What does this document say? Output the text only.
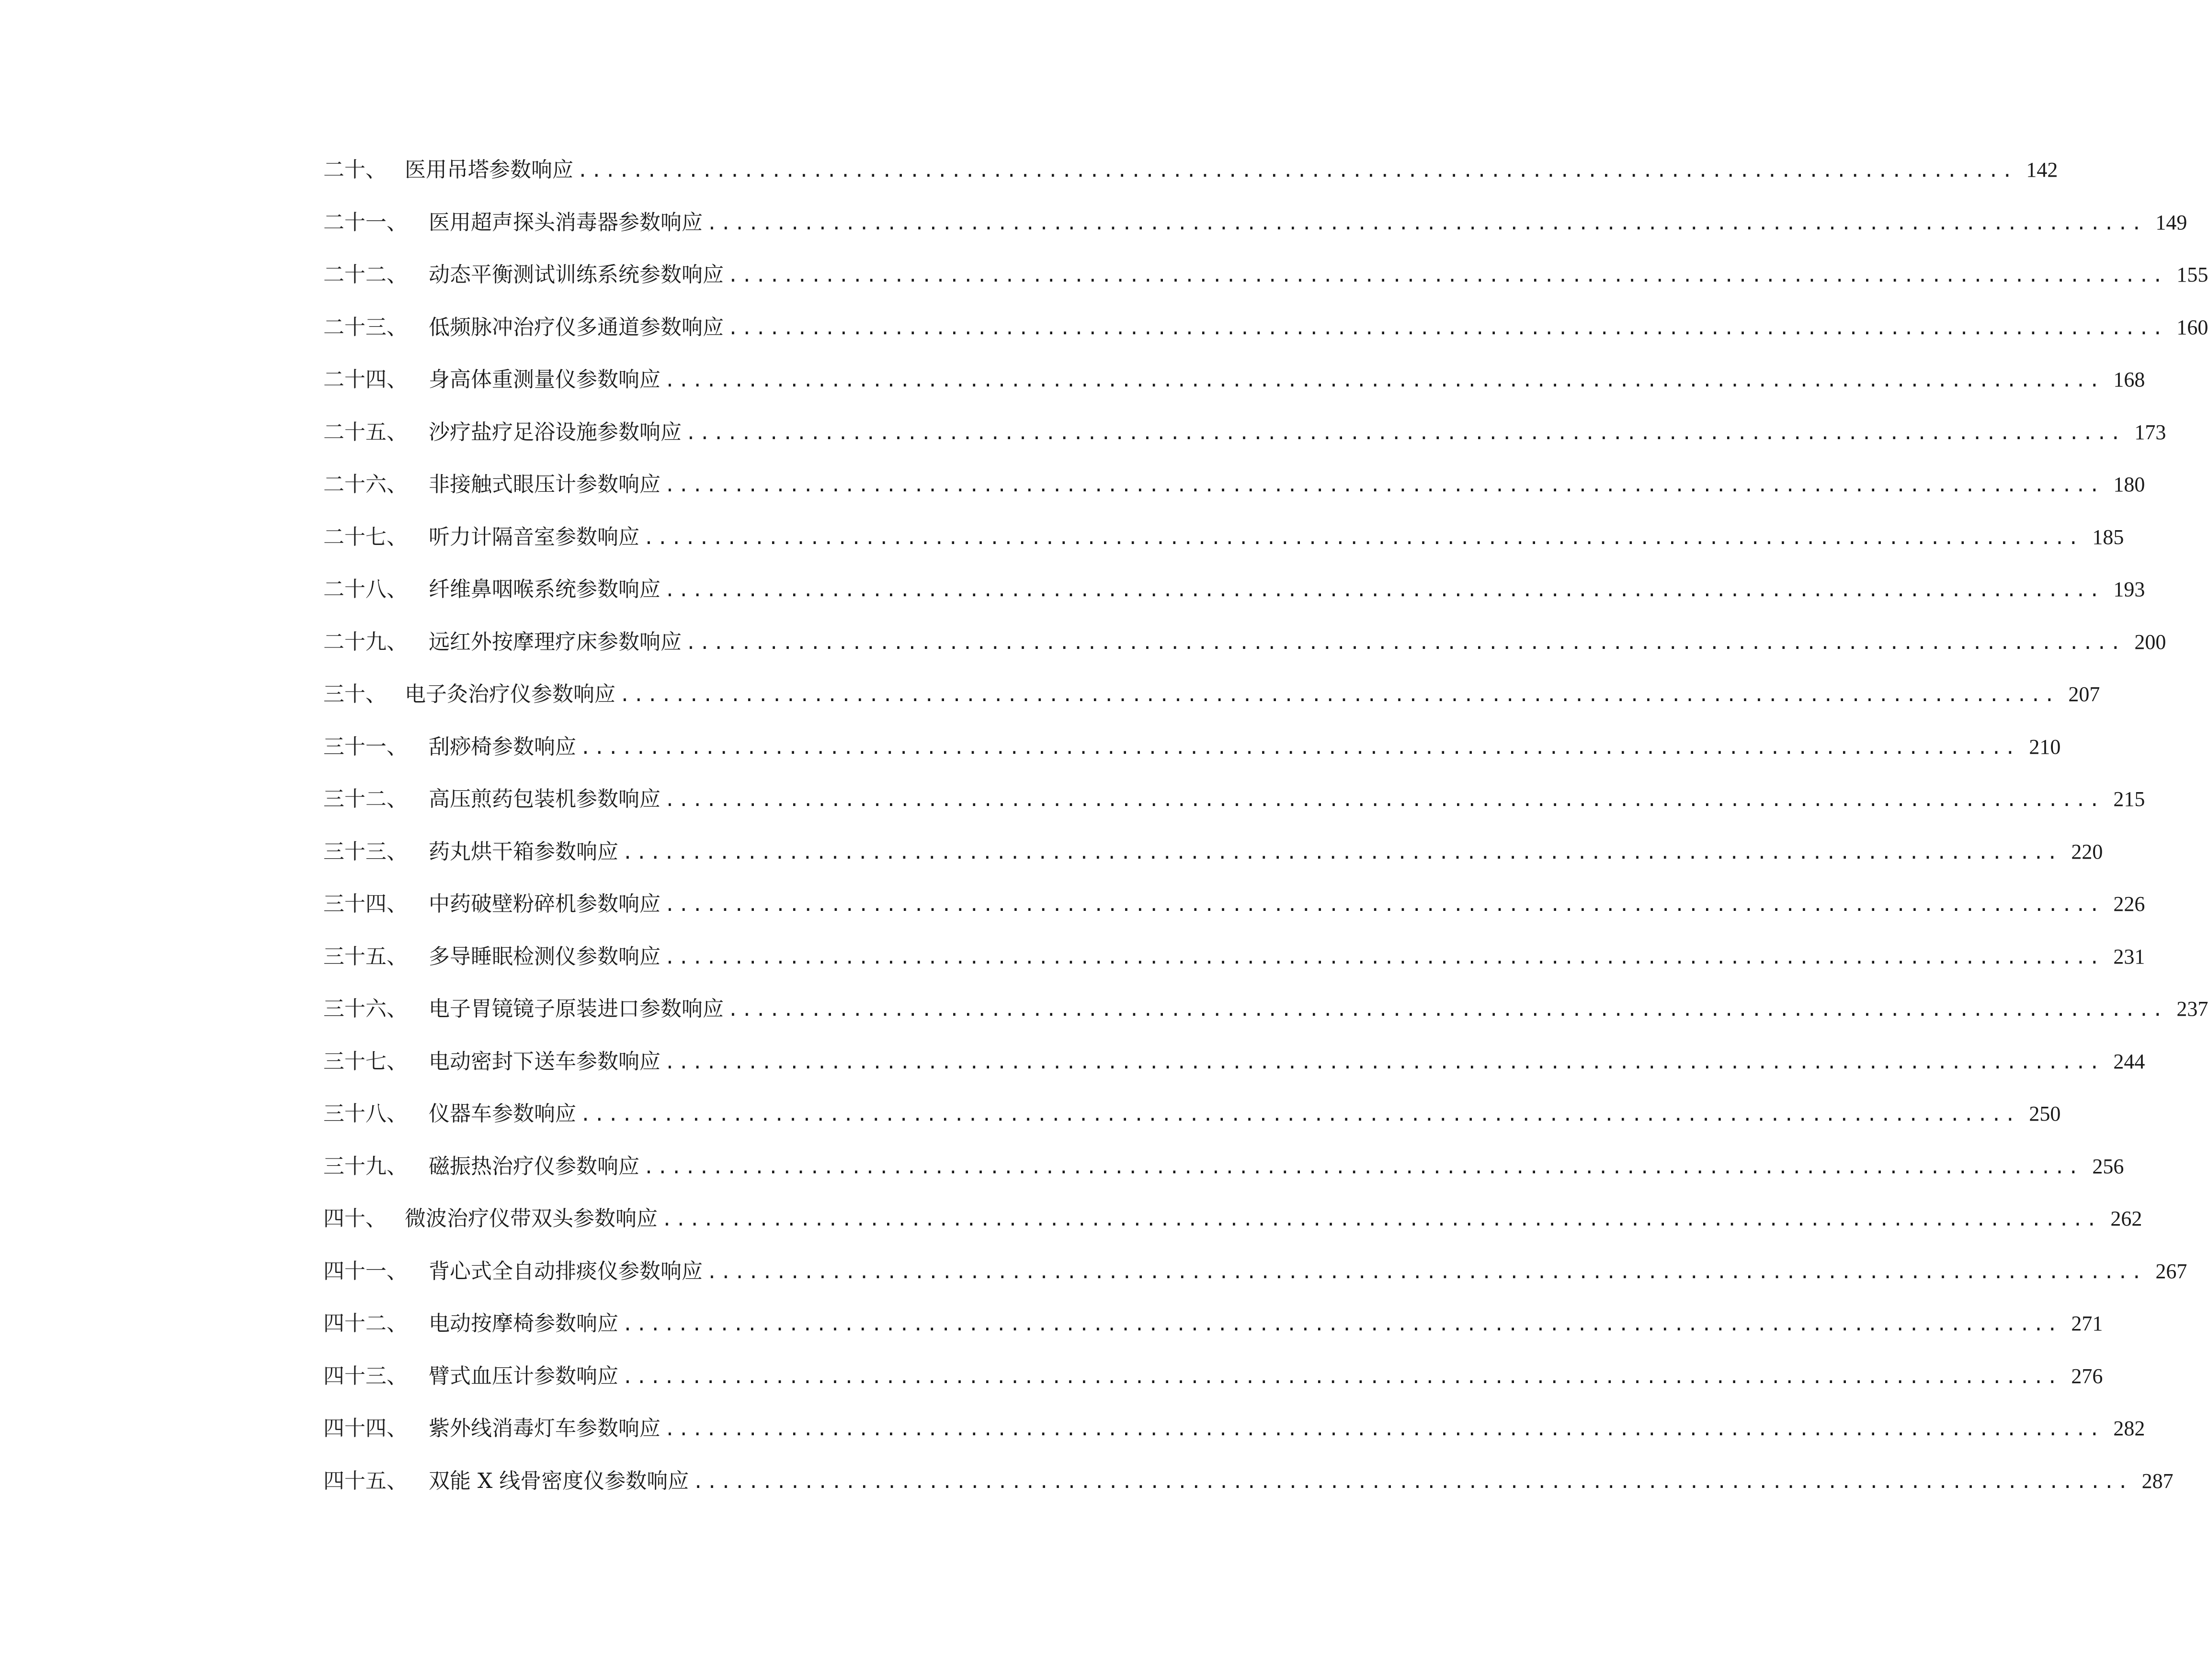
二十、 医用吊塔参数响应 ........................................................................................................ 142
二十一、	医用超声探头消毒器参数响应 ........................................................................................................ 149
二十二、	动态平衡测试训练系统参数响应 ........................................................................................................ 155
二十三、	低频脉冲治疗仪多通道参数响应 ........................................................................................................ 160
二十四、	身高体重测量仪参数响应 ........................................................................................................ 168
二十五、	沙疗盐疗足浴设施参数响应 ........................................................................................................ 173
二十六、	非接触式眼压计参数响应 ........................................................................................................ 180
二十七、	听力计隔音室参数响应 ........................................................................................................ 185
二十八、	纤维鼻咽喉系统参数响应 ........................................................................................................ 193
二十九、	远红外按摩理疗床参数响应 ........................................................................................................ 200
三十、 电子灸治疗仪参数响应 ........................................................................................................ 207
三十一、	刮痧椅参数响应 ........................................................................................................ 210
三十二、	高压煎药包装机参数响应 ........................................................................................................ 215
三十三、	药丸烘干箱参数响应 ........................................................................................................ 220
三十四、	中药破壁粉碎机参数响应 ........................................................................................................ 226
三十五、	多导睡眠检测仪参数响应 ........................................................................................................ 231
三十六、	电子胃镜镜子原装进口参数响应 ........................................................................................................ 237
三十七、	电动密封下送车参数响应 ........................................................................................................ 244
三十八、	仪器车参数响应 ........................................................................................................ 250
三十九、	磁振热治疗仪参数响应 ........................................................................................................ 256
四十、 微波治疗仪带双头参数响应 ........................................................................................................ 262
四十一、	背心式全自动排痰仪参数响应 ........................................................................................................ 267
四十二、	电动按摩椅参数响应 ........................................................................................................ 271
四十三、	臂式血压计参数响应 ........................................................................................................ 276
四十四、	紫外线消毒灯车参数响应 ........................................................................................................ 282
四十五、	双能 X 线骨密度仪参数响应 ........................................................................................................ 287
